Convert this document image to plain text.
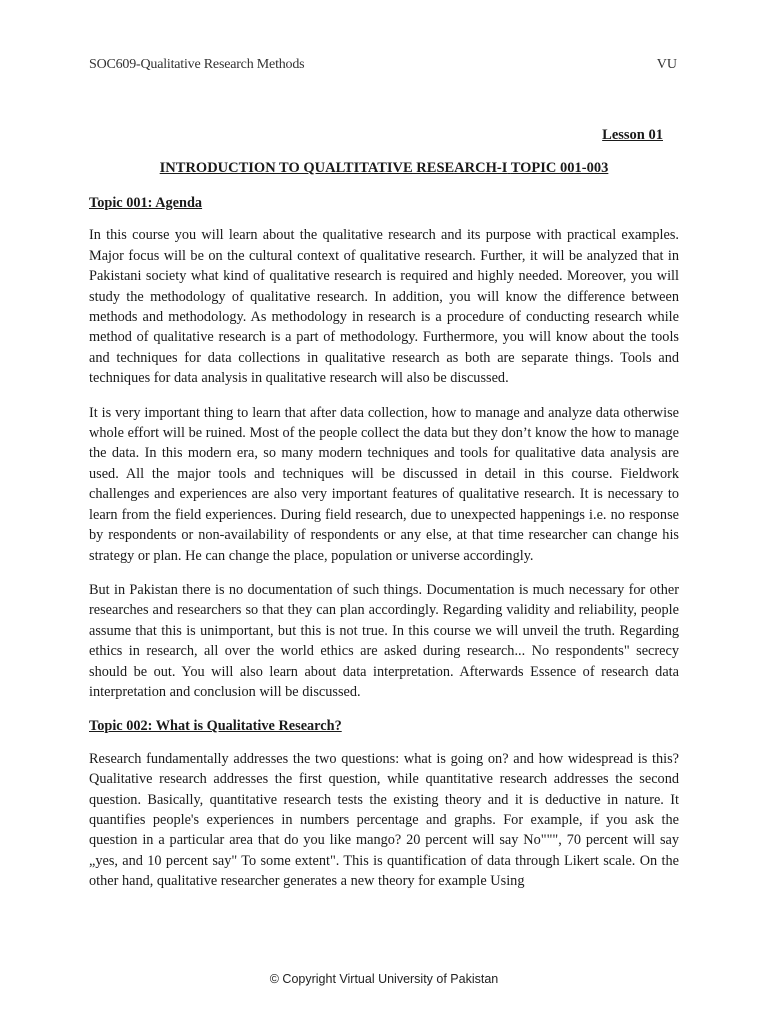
SOC609-Qualitative Research Methods	VU
Lesson 01
INTRODUCTION TO QUALTITATIVE RESEARCH-I TOPIC 001-003
Topic 001: Agenda

In this course you will learn about the qualitative research and its purpose with practical examples. Major focus will be on the cultural context of qualitative research. Further, it will be analyzed that in Pakistani society what kind of qualitative research is required and highly needed. Moreover, you will study the methodology of qualitative research. In addition, you will know the difference between methods and methodology. As methodology in research is a procedure of conducting research while method of qualitative research is a part of methodology. Furthermore, you will know about the tools and techniques for data collections in qualitative research as both are separate things. Tools and techniques for data analysis in qualitative research will also be discussed.

It is very important thing to learn that after data collection, how to manage and analyze data otherwise whole effort will be ruined. Most of the people collect the data but they don’t know the how to manage the data. In this modern era, so many modern techniques and tools for qualitative data analysis are used. All the major tools and techniques will be discussed in detail in this course. Fieldwork challenges and experiences are also very important features of qualitative research. It is necessary to learn from the field experiences. During field research, due to unexpected happenings i.e. no response by respondents or non-availability of respondents or any else, at that time researcher can change his strategy or plan. He can change the place, population or universe accordingly.

But in Pakistan there is no documentation of such things. Documentation is much necessary for other researches and researchers so that they can plan accordingly. Regarding validity and reliability, people assume that this is unimportant, but this is not true. In this course we will unveil the truth. Regarding ethics in research, all over the world ethics are asked during research... No respondents" secrecy should be out. You will also learn about data interpretation. Afterwards Essence of research data interpretation and conclusion will be discussed.

Topic 002: What is Qualitative Research?

Research fundamentally addresses the two questions: what is going on? and how widespread is this? Qualitative research addresses the first question, while quantitative research addresses the second question. Basically, quantitative research tests the existing theory and it is deductive in nature. It quantifies people's experiences in numbers percentage and graphs. For example, if you ask the question in a particular area that do you like mango? 20 percent will say No""", 70 percent will say „yes, and 10 percent say" To some extent". This is quantification of data through Likert scale. On the other hand, qualitative researcher generates a new theory for example Using

© Copyright Virtual University of Pakistan
